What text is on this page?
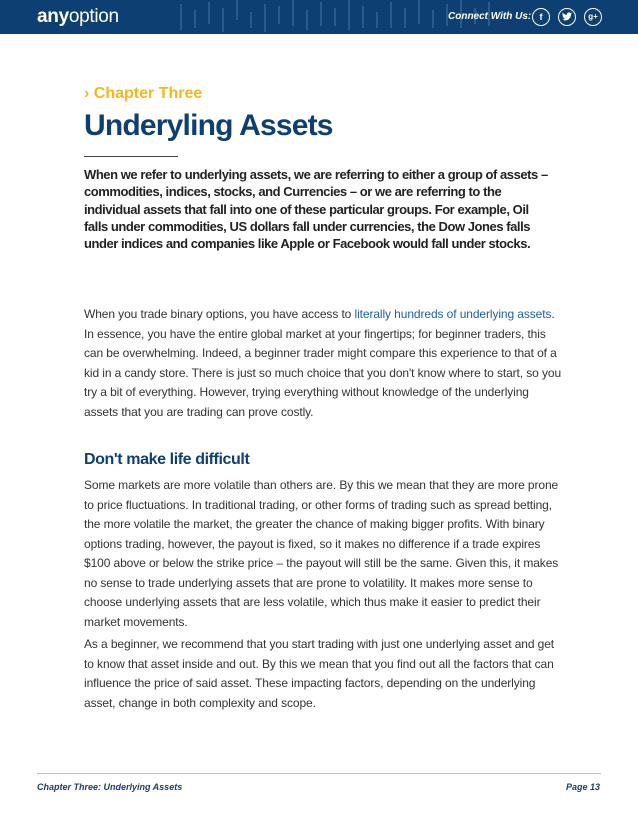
anyoption	Connect With Us: f	g+
› Chapter Three
Underyling Assets

When we refer to underlying assets, we are referring to either a group of assets – commodities, indices, stocks, and Currencies – or we are referring to the individual assets that fall into one of these particular groups. For example, Oil falls under commodities, US dollars fall under currencies, the Dow Jones falls under indices and companies like Apple or Facebook would fall under stocks.

When you trade binary options, you have access to literally hundreds of underlying assets. In essence, you have the entire global market at your fingertips; for beginner traders, this can be overwhelming. Indeed, a beginner trader might compare this experience to that of a kid in a candy store. There is just so much choice that you don't know where to start, so you try a bit of everything. However, trying everything without knowledge of the underlying assets that you are trading can prove costly.

Don't make life difficult

Some markets are more volatile than others are. By this we mean that they are more prone to price fluctuations. In traditional trading, or other forms of trading such as spread betting, the more volatile the market, the greater the chance of making bigger profits. With binary options trading, however, the payout is fixed, so it makes no difference if a trade expires $100 above or below the strike price – the payout will still be the same. Given this, it makes no sense to trade underlying assets that are prone to volatility. It makes more sense to choose underlying assets that are less volatile, which thus make it easier to predict their market movements.

As a beginner, we recommend that you start trading with just one underlying asset and get to know that asset inside and out. By this we mean that you find out all the factors that can influence the price of said asset. These impacting factors, depending on the underlying asset, change in both complexity and scope.

Chapter Three: Underlying Assets	Page 13
